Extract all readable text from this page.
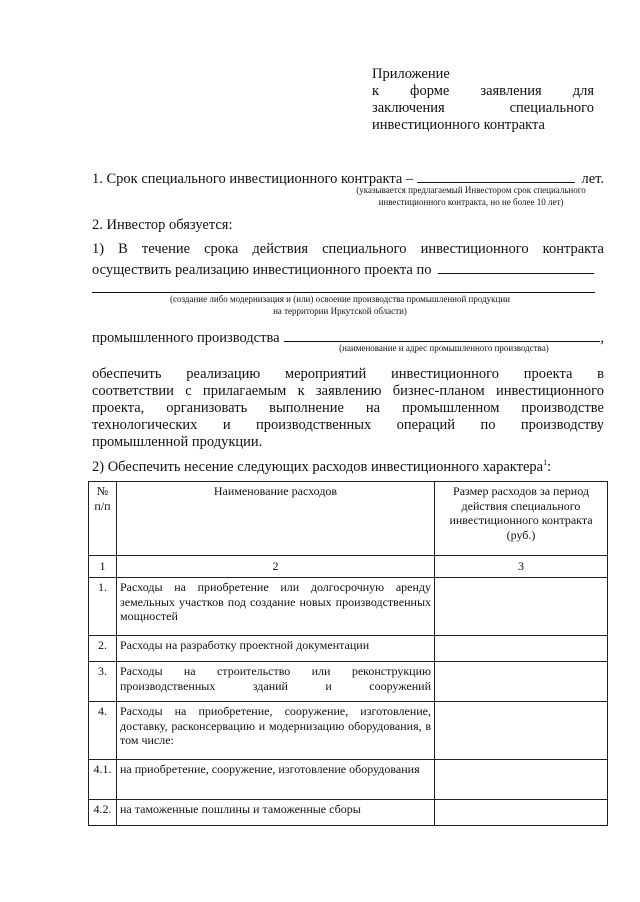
Приложение
к форме заявления для
заключения	специального
инвестиционного контракта
1. Срок специального инвестиционного контракта –	лет.
(указывается предлагаемый Инвестором срок специального
инвестиционного контракта, но не более 10 лет)
2. Инвестор обязуется:
1) В течение срока действия специального инвестиционного контракта
осуществить реализацию инвестиционного проекта по
(создание либо модернизация и (или) освоение производства промышленной продукции
на территории Иркутской области)
промышленного производства	,
(наименование и адрес промышленного производства)
обеспечить реализацию мероприятий инвестиционного проекта в
соответствии с прилагаемым к заявлению бизнес-планом инвестиционного
проекта, организовать выполнение на промышленном производстве
технологических и производственных операций по производству
промышленной продукции.
2) Обеспечить несение следующих расходов инвестиционного характера$^1$:
№ п/п	Наименование расходов	Размер расходов за период действия специального инвестиционного контракта (руб.)
1	2	3
1.	Расходы на приобретение или долгосрочную аренду земельных участков под создание новых производственных мощностей	
2.	Расходы на разработку проектной документации	
3.	Расходы на строительство или реконструкцию производственных зданий и сооружений	
4.	Расходы на приобретение, сооружение, изготовление, доставку, расконсервацию и модернизацию оборудования, в том числе:	
4.1.	на приобретение, сооружение, изготовление оборудования	
4.2.	на таможенные пошлины и таможенные сборы	
